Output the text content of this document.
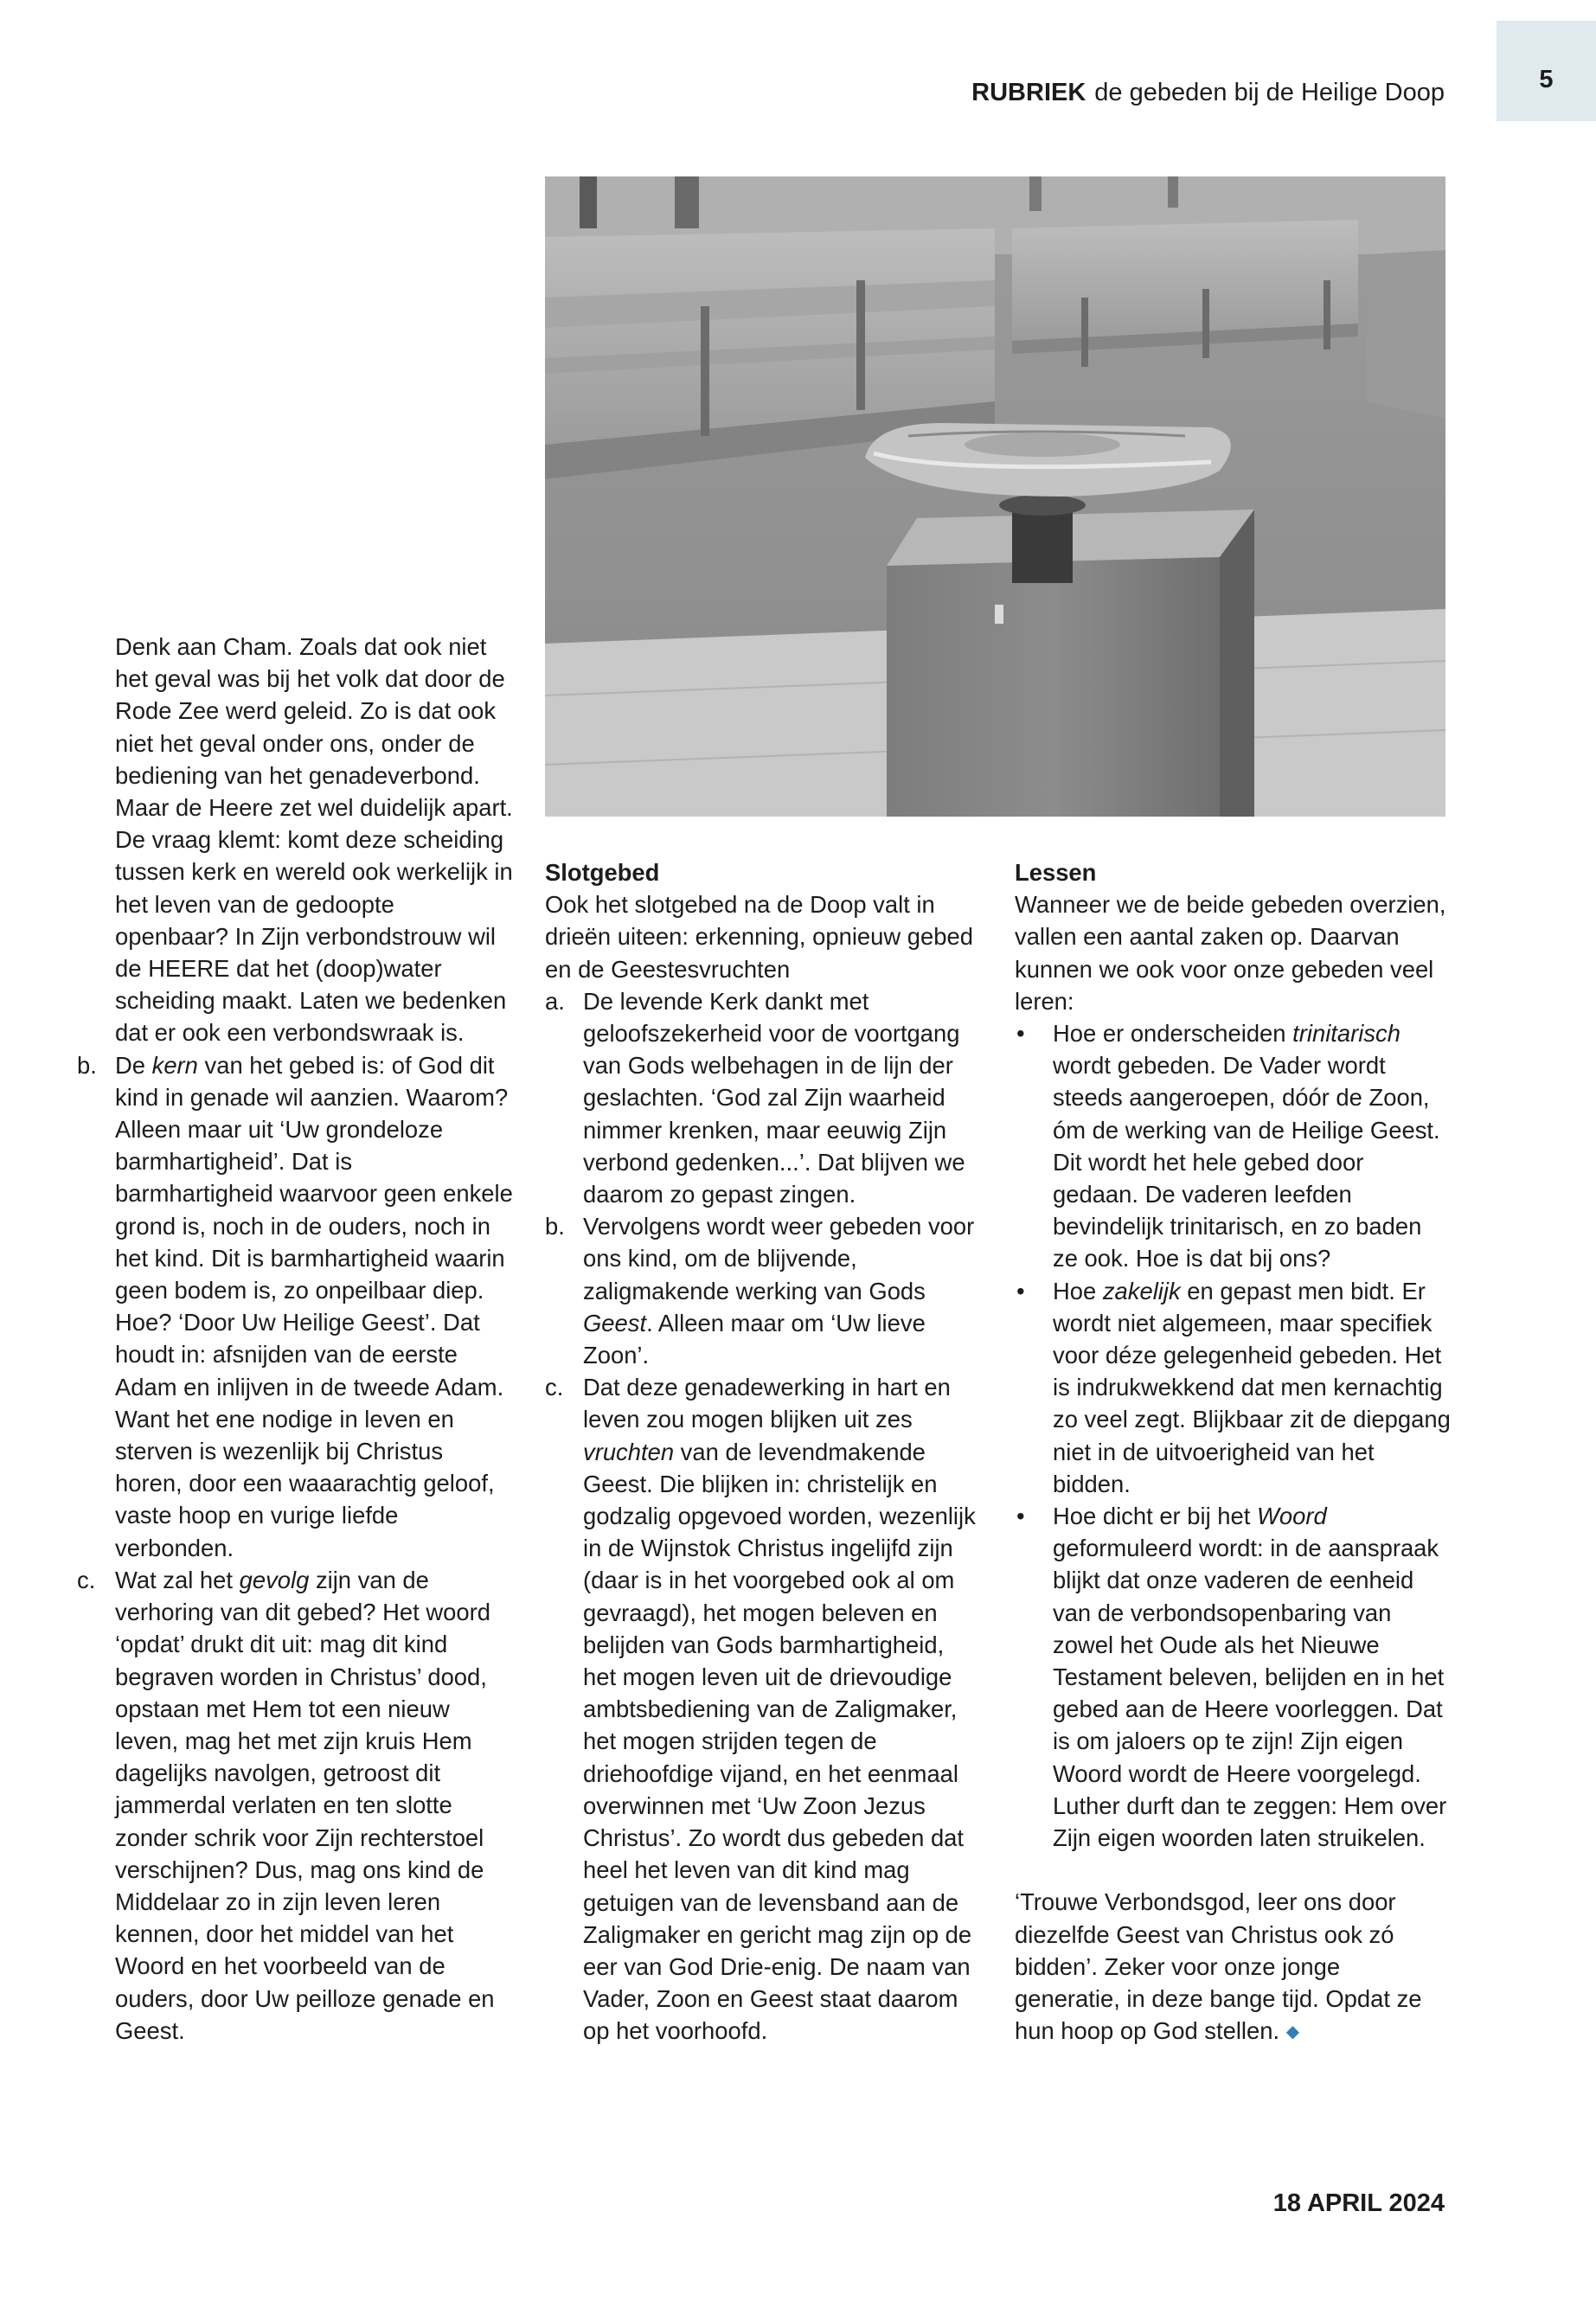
5
RUBRIEK de gebeden bij de Heilige Doop

Denk aan Cham. Zoals dat ook niet het geval was bij het volk dat door de Rode Zee werd geleid. Zo is dat ook niet het geval onder ons, onder de bediening van het genadeverbond. Maar de Heere zet wel duidelijk apart. De vraag klemt: komt deze scheiding tussen kerk en wereld ook werkelijk in het leven van de gedoopte openbaar? In Zijn verbondstrouw wil de HEERE dat het (doop)water scheiding maakt. Laten we bedenken dat er ook een verbondswraak is.

b. De kern van het gebed is: of God dit kind in genade wil aanzien. Waarom? Alleen maar uit ‘Uw grondeloze barmhartigheid’. Dat is barmhartigheid waarvoor geen enkele grond is, noch in de ouders, noch in het kind. Dit is barmhartigheid waarin geen bodem is, zo onpeilbaar diep. Hoe? ‘Door Uw Heilige Geest’. Dat houdt in: afsnijden van de eerste Adam en inlijven in de tweede Adam. Want het ene nodige in leven en sterven is wezenlijk bij Christus horen, door een waaarachtig geloof, vaste hoop en vurige liefde verbonden.
c. Wat zal het gevolg zijn van de verhoring van dit gebed? Het woord ‘opdat’ drukt dit uit: mag dit kind begraven worden in Christus’ dood, opstaan met Hem tot een nieuw leven, mag het met zijn kruis Hem dagelijks navolgen, getroost dit jammerdal verlaten en ten slotte zonder schrik voor Zijn rechterstoel verschijnen? Dus, mag ons kind de Middelaar zo in zijn leven leren kennen, door het middel van het Woord en het voorbeeld van de ouders, door Uw peilloze genade en Geest.

Slotgebed

Ook het slotgebed na de Doop valt in drieën uiteen: erkenning, opnieuw gebed en de Geestesvruchten

a. De levende Kerk dankt met geloofszekerheid voor de voortgang van Gods welbehagen in de lijn der geslachten. ‘God zal Zijn waarheid nimmer krenken, maar eeuwig Zijn verbond gedenken...’. Dat blijven we daarom zo gepast zingen.
b. Vervolgens wordt weer gebeden voor ons kind, om de blijvende, zaligmakende werking van Gods Geest. Alleen maar om ‘Uw lieve Zoon’.
c. Dat deze genadewerking in hart en leven zou mogen blijken uit zes vruchten van de levendmakende Geest. Die blijken in: christelijk en godzalig opgevoed worden, wezenlijk in de Wijnstok Christus ingelijfd zijn (daar is in het voorgebed ook al om gevraagd), het mogen beleven en belijden van Gods barmhartigheid, het mogen leven uit de drievoudige ambtsbediening van de Zaligmaker, het mogen strijden tegen de driehoofdige vijand, en het eenmaal overwinnen met ‘Uw Zoon Jezus Christus’. Zo wordt dus gebeden dat heel het leven van dit kind mag getuigen van de levensband aan de Zaligmaker en gericht mag zijn op de eer van God Drie-enig. De naam van Vader, Zoon en Geest staat daarom op het voorhoofd.

Lessen

Wanneer we de beide gebeden overzien, vallen een aantal zaken op. Daarvan kunnen we ook voor onze gebeden veel leren:

•	Hoe er onderscheiden trinitarisch wordt gebeden. De Vader wordt steeds aangeroepen, dóór de Zoon, óm de werking van de Heilige Geest. Dit wordt het hele gebed door gedaan. De vaderen leefden bevindelijk trinitarisch, en zo baden ze ook. Hoe is dat bij ons?
•	Hoe zakelijk en gepast men bidt. Er wordt niet algemeen, maar specifiek voor déze gelegenheid gebeden. Het is indrukwekkend dat men kernachtig zo veel zegt. Blijkbaar zit de diepgang niet in de uitvoerigheid van het bidden.
•	Hoe dicht er bij het Woord geformuleerd wordt: in de aanspraak blijkt dat onze vaderen de eenheid van de verbondsopenbaring van zowel het Oude als het Nieuwe Testament beleven, belijden en in het gebed aan de Heere voorleggen. Dat is om jaloers op te zijn! Zijn eigen Woord wordt de Heere voorgelegd. Luther durft dan te zeggen: Hem over Zijn eigen woorden laten struikelen.

‘Trouwe Verbondsgod, leer ons door diezelfde Geest van Christus ook zó bidden’. Zeker voor onze jonge generatie, in deze bange tijd. Opdat ze hun hoop op God stellen. ◆

18 APRIL 2024
